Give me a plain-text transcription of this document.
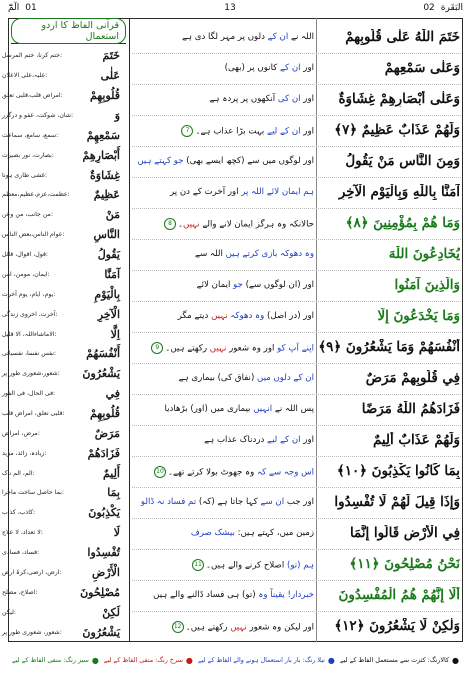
الٓمّٓ 01	13	02 البَقَرة
قرآنی الفاظ کا اردو استعمال
●
کالارنگ: کثرت سے مستعمل الفاظ کے لیے
●
نیلا رنگ: بار بار استعمال ہونے والے الفاظ کے لیے
●
سرخ رنگ: منفی الفاظ کے لیے
●
سبز رنگ: منفی الفاظ کے لیے
خَتَمَ
:ختم کرنا، ختم المرسل
عَلٰى
:علیہ،علی الاعلان
قُلُوبِهِمْ
:امراض قلب،قلبی تعلق
وَ
:شان، شوکت، عفو و درگزر
سَمْعِهِمْ
:سمع، سامع، سماعت
أَبْصَارِهِمْ
:بصارت، نور بصیرت
غِشَاوَةٌ
:غشی طاری ہونا
عَظِيمٌ
:عظمت،عزم،عظیم،معظم
مَنْ
:من جانب، من وعن
النَّاسِ
:عوام الناس،بعض الناس
يَقُولُ
:قول، اقوال، قائل
آمَنَّا
:ایمان، مومن، امن
بِالْيَوْمِ
:یوم، ایام، یوم آخرت
الْآخِرِ
:آخرت، اخروی زندگی
اِلَّا
:الاماشاءاللہ، الا قلیل
أَنْفُسَهُمْ
:نفس نفسا، نفسیاتی
يَشْعُرُونَ
:شعور،شعوری طور پر
فِي
:فی الحال، فی الفور
قُلُوبِهِمْ
:قلبی تعلق، امراض قلب
مَرَضٌ
:مرض، امراض
فَزَادَهُمْ
:زیادہ، زائد، مزید
أَلِيمٌ
:الم، الم ناک
بِمَا
:بما حاصل ساخت ماجرا
يَكْذِبُونَ
:کاذب، کذاب
لَا
:لا تعداد، لا علاج
تُفْسِدُوا
:فساد، فسادی
الْأَرْضِ
:ارض، ارضی،کرۂ ارض
مُصْلِحُونَ
:اصلاح، مصلح
لَكِنْ
:لیکن
يَشْعُرُونَ
:شعور، شعوری طور پر
اللہ نے ان کے دلوں پر مہر لگا دی ہے
اور ان کے کانوں پر (بھی)
اور ان کی آنکھوں پر پردہ ہے
اور ان کے لیے بہت بڑا عذاب ہے۔7
اور لوگوں میں سے (کچھ ایسے بھی) جو کہتے ہیں
ہم ایمان لائے اللہ پر اور آخرت کے دن پر
حالانکہ وہ ہرگز ایمان لانے والے نہیں۔8
وہ دھوکہ بازی کرتے ہیں اللہ سے
اور (ان لوگوں سے) جو ایمان لائے
اور (در اصل) وہ دھوکہ نہیں دیتے مگر
اپنے آپ کو اور وہ شعور نہیں رکھتے ہیں۔9
ان کے دلوں میں (نفاق کی) بیماری ہے
پس اللہ نے انہیں بیماری میں (اور) بڑھادیا
اور ان کے لیے دردناک عذاب ہے
اس وجہ سے کہ وہ جھوٹ بولا کرتے تھے۔10
اور جب ان سے کہا جاتا ہے (کہ) تم فساد نہ ڈالو
زمین میں، کہتے ہیں: بیشک صرف
ہم (تو) اصلاح کرنے والے ہیں۔11
خبردار! یقیناً وہ (تو) ہی فساد ڈالنے والے ہیں
اور لیکن وہ شعور نہیں رکھتے ہیں۔12
خَتَمَ اللّٰهُ عَلٰى قُلُوبِهِمْ
وَعَلٰى سَمْعِهِمْ
وَعَلٰى أَبْصَارِهِمْ غِشَاوَةٌ
وَلَهُمْ عَذَابٌ عَظِيمٌ ﴿٧﴾
وَمِنَ النَّاسِ مَنْ يَقُولُ
آمَنَّا بِاللّٰهِ وَبِالْيَوْمِ الْآخِرِ
وَمَا هُمْ بِمُؤْمِنِينَ ﴿٨﴾
يُخَادِعُونَ اللّٰهَ
وَالَّذِينَ آمَنُوا
وَمَا يَخْدَعُونَ إِلَّا
أَنْفُسَهُمْ وَمَا يَشْعُرُونَ ﴿٩﴾
فِي قُلُوبِهِمْ مَرَضٌ
فَزَادَهُمُ اللّٰهُ مَرَضًا
وَلَهُمْ عَذَابٌ أَلِيمٌ
بِمَا كَانُوا يَكْذِبُونَ ﴿١٠﴾
وَإِذَا قِيلَ لَهُمْ لَا تُفْسِدُوا
فِي الْأَرْضِ قَالُوا إِنَّمَا
نَحْنُ مُصْلِحُونَ ﴿١١﴾
أَلَا إِنَّهُمْ هُمُ الْمُفْسِدُونَ
وَلٰكِنْ لَا يَشْعُرُونَ ﴿١٢﴾
